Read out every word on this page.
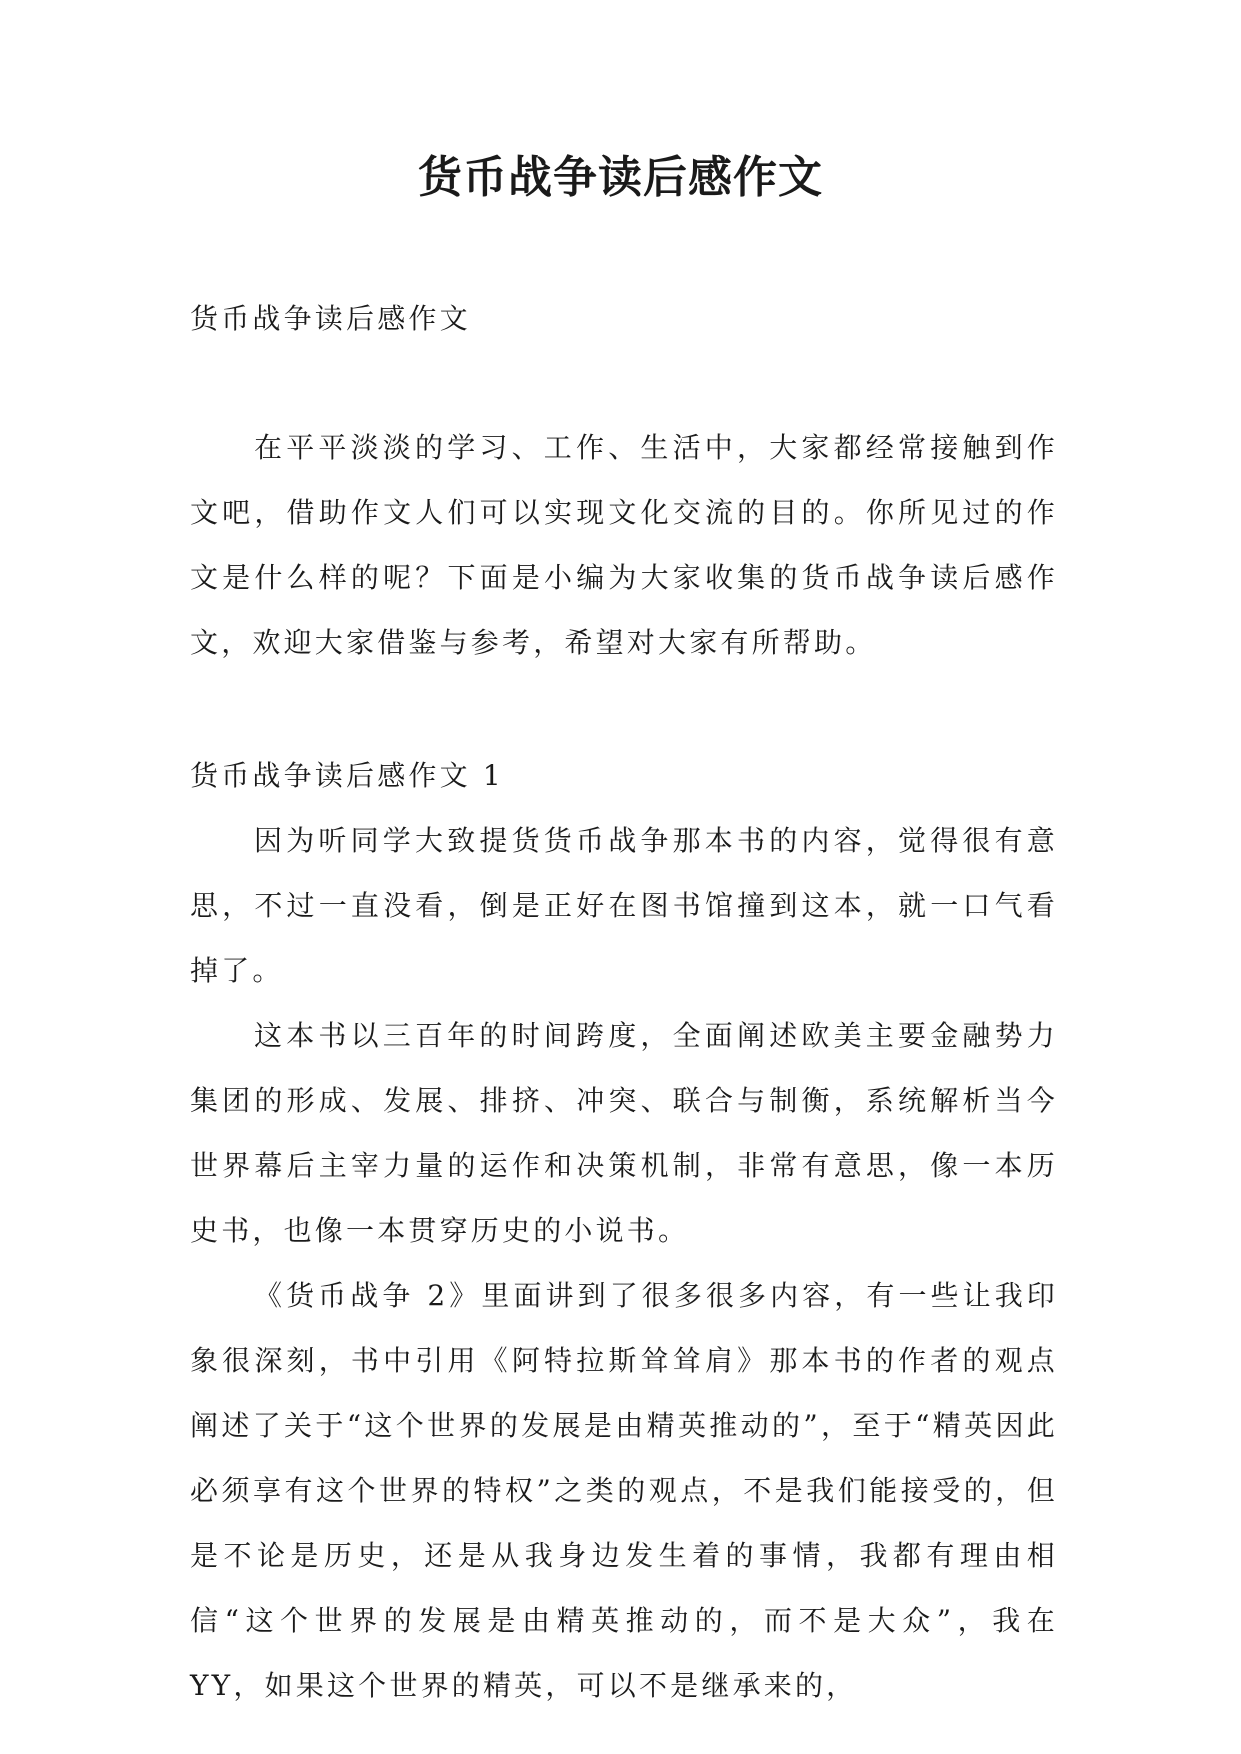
货币战争读后感作文

货币战争读后感作文

在平平淡淡的学习、工作、生活中，大家都经常接触到作文吧，借助作文人们可以实现文化交流的目的。你所见过的作文是什么样的呢？下面是小编为大家收集的货币战争读后感作文，欢迎大家借鉴与参考，希望对大家有所帮助。

货币战争读后感作文 1

因为听同学大致提货货币战争那本书的内容，觉得很有意思，不过一直没看，倒是正好在图书馆撞到这本，就一口气看掉了。

这本书以三百年的时间跨度，全面阐述欧美主要金融势力集团的形成、发展、排挤、冲突、联合与制衡，系统解析当今世界幕后主宰力量的运作和决策机制，非常有意思，像一本历史书，也像一本贯穿历史的小说书。

《货币战争 2》里面讲到了很多很多内容，有一些让我印象很深刻，书中引用《阿特拉斯耸耸肩》那本书的作者的观点阐述了关于“这个世界的发展是由精英推动的”，至于“精英因此必须享有这个世界的特权”之类的观点，不是我们能接受的，但是不论是历史，还是从我身边发生着的事情，我都有理由相信“这个世界的发展是由精英推动的，而不是大众”，我在 YY，如果这个世界的精英，可以不是继承来的，
